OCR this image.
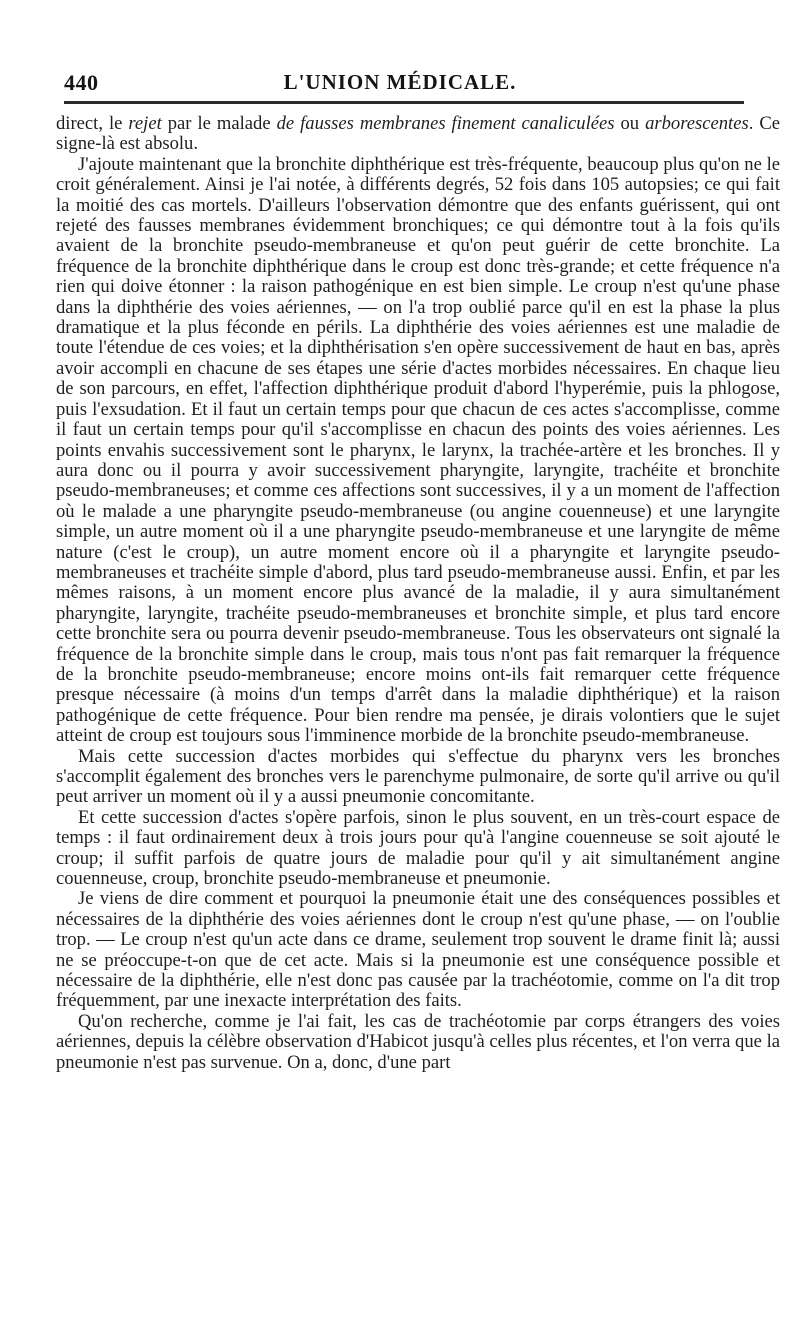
440	L'UNION MÉDICALE.

direct, le rejet par le malade de fausses membranes finement canaliculées ou arborescentes. Ce signe-là est absolu.

J'ajoute maintenant que la bronchite diphthérique est très-fréquente, beaucoup plus qu'on ne le croit généralement. Ainsi je l'ai notée, à différents degrés, 52 fois dans 105 autopsies; ce qui fait la moitié des cas mortels. D'ailleurs l'observation démontre que des enfants guérissent, qui ont rejeté des fausses membranes évidemment bronchiques; ce qui démontre tout à la fois qu'ils avaient de la bronchite pseudo-membraneuse et qu'on peut guérir de cette bronchite. La fréquence de la bronchite diphthérique dans le croup est donc très-grande; et cette fréquence n'a rien qui doive étonner : la raison pathogénique en est bien simple. Le croup n'est qu'une phase dans la diphthérie des voies aériennes, — on l'a trop oublié parce qu'il en est la phase la plus dramatique et la plus féconde en périls. La diphthérie des voies aériennes est une maladie de toute l'étendue de ces voies; et la diphthérisation s'en opère successivement de haut en bas, après avoir accompli en chacune de ses étapes une série d'actes morbides nécessaires. En chaque lieu de son parcours, en effet, l'affection diphthérique produit d'abord l'hyperémie, puis la phlogose, puis l'exsudation. Et il faut un certain temps pour que chacun de ces actes s'accomplisse, comme il faut un certain temps pour qu'il s'accomplisse en chacun des points des voies aériennes. Les points envahis successivement sont le pharynx, le larynx, la trachée-artère et les bronches. Il y aura donc ou il pourra y avoir successivement pharyngite, laryngite, trachéite et bronchite pseudo-membraneuses; et comme ces affections sont successives, il y a un moment de l'affection où le malade a une pharyngite pseudo-membraneuse (ou angine couenneuse) et une laryngite simple, un autre moment où il a une pharyngite pseudo-membraneuse et une laryngite de même nature (c'est le croup), un autre moment encore où il a pharyngite et laryngite pseudo-membraneuses et trachéite simple d'abord, plus tard pseudo-membraneuse aussi. Enfin, et par les mêmes raisons, à un moment encore plus avancé de la maladie, il y aura simultanément pharyngite, laryngite, trachéite pseudo-membraneuses et bronchite simple, et plus tard encore cette bronchite sera ou pourra devenir pseudo-membraneuse. Tous les observateurs ont signalé la fréquence de la bronchite simple dans le croup, mais tous n'ont pas fait remarquer la fréquence de la bronchite pseudo-membraneuse; encore moins ont-ils fait remarquer cette fréquence presque nécessaire (à moins d'un temps d'arrêt dans la maladie diphthérique) et la raison pathogénique de cette fréquence. Pour bien rendre ma pensée, je dirais volontiers que le sujet atteint de croup est toujours sous l'imminence morbide de la bronchite pseudo-membraneuse.

Mais cette succession d'actes morbides qui s'effectue du pharynx vers les bronches s'accomplit également des bronches vers le parenchyme pulmonaire, de sorte qu'il arrive ou qu'il peut arriver un moment où il y a aussi pneumonie concomitante.

Et cette succession d'actes s'opère parfois, sinon le plus souvent, en un très-court espace de temps : il faut ordinairement deux à trois jours pour qu'à l'angine couenneuse se soit ajouté le croup; il suffit parfois de quatre jours de maladie pour qu'il y ait simultanément angine couenneuse, croup, bronchite pseudo-membraneuse et pneumonie.

Je viens de dire comment et pourquoi la pneumonie était une des conséquences possibles et nécessaires de la diphthérie des voies aériennes dont le croup n'est qu'une phase, — on l'oublie trop. — Le croup n'est qu'un acte dans ce drame, seulement trop souvent le drame finit là; aussi ne se préoccupe-t-on que de cet acte. Mais si la pneumonie est une conséquence possible et nécessaire de la diphthérie, elle n'est donc pas causée par la trachéotomie, comme on l'a dit trop fréquemment, par une inexacte interprétation des faits.

Qu'on recherche, comme je l'ai fait, les cas de trachéotomie par corps étrangers des voies aériennes, depuis la célèbre observation d'Habicot jusqu'à celles plus récentes, et l'on verra que la pneumonie n'est pas survenue. On a, donc, d'une part
